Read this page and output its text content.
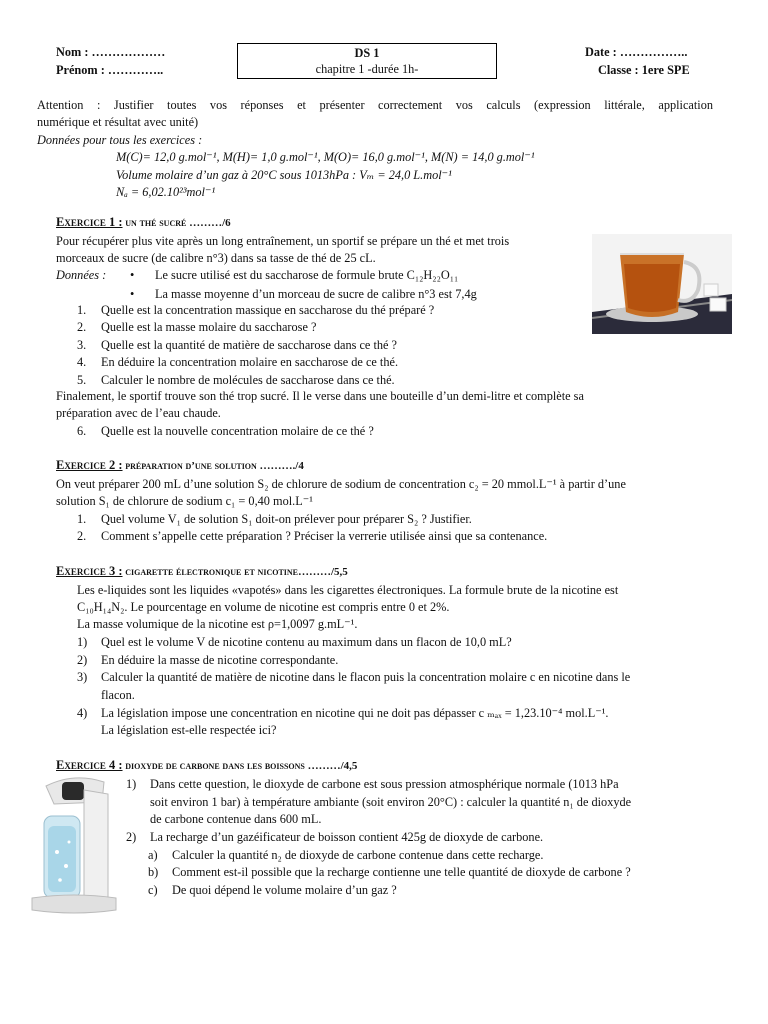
Nom : ………………
Prénom : …………..
DS 1
chapitre 1 -durée 1h-
Date : ……………..
Classe : 1ere SPE
Attention : Justifier toutes vos réponses et présenter correctement vos calculs (expression littérale, application
numérique et résultat avec unité)
Données pour tous les exercices :
M(C)= 12,0 g.mol⁻¹, M(H)= 1,0 g.mol⁻¹, M(O)= 16,0 g.mol⁻¹, M(N) = 14,0 g.mol⁻¹
Volume molaire d’un gaz à 20°C sous 1013hPa : Vₘ = 24,0 L.mol⁻¹
Nₐ = 6,02.10²³mol⁻¹
Exercice 1 : un thé sucré ………/6
Pour récupérer plus vite après un long entraînement, un sportif se prépare un thé et met trois
morceaux de sucre (de calibre n°3) dans sa tasse de thé de 25 cL.
Données : • Le sucre utilisé est du saccharose de formule brute C₁₂H₂₂O₁₁
• La masse moyenne d’un morceau de sucre de calibre n°3 est 7,4g
1. Quelle est la concentration massique en saccharose du thé préparé ?
2. Quelle est la masse molaire du saccharose ?
3. Quelle est la quantité de matière de saccharose dans ce thé ?
4. En déduire la concentration molaire en saccharose de ce thé.
5. Calculer le nombre de molécules de saccharose dans ce thé.
Finalement, le sportif trouve son thé trop sucré. Il le verse dans une bouteille d’un demi-litre et complète sa
préparation avec de l’eau chaude.
6. Quelle est la nouvelle concentration molaire de ce thé ?
Exercice 2 : préparation d’une solution ………./4
On veut préparer 200 mL d’une solution S₂ de chlorure de sodium de concentration c₂ = 20 mmol.L⁻¹ à partir d’une
solution S₁ de chlorure de sodium c₁ = 0,40 mol.L⁻¹
1. Quel volume V₁ de solution S₁ doit-on prélever pour préparer S₂ ? Justifier.
2. Comment s’appelle cette préparation ? Préciser la verrerie utilisée ainsi que sa contenance.
Exercice 3 : cigarette électronique et nicotine………/5,5
Les e-liquides sont les liquides «vapotés» dans les cigarettes électroniques. La formule brute de la nicotine est
C₁₀H₁₄N₂. Le pourcentage en volume de nicotine est compris entre 0 et 2%.
La masse volumique de la nicotine est ρ=1,0097 g.mL⁻¹.
1) Quel est le volume V de nicotine contenu au maximum dans un flacon de 10,0 mL?
2) En déduire la masse de nicotine correspondante.
3) Calculer la quantité de matière de nicotine dans le flacon puis la concentration molaire c en nicotine dans le
flacon.
4) La législation impose une concentration en nicotine qui ne doit pas dépasser c ₘₐₓ = 1,23.10⁻⁴ mol.L⁻¹.
La législation est-elle respectée ici?
Exercice 4 : dioxyde de carbone dans les boissons ………/4,5
1) Dans cette question, le dioxyde de carbone est sous pression atmosphérique normale (1013 hPa
soit environ 1 bar) à température ambiante (soit environ 20°C) : calculer la quantité n₁ de dioxyde
de carbone contenue dans 600 mL.
2) La recharge d’un gazéificateur de boisson contient 425g de dioxyde de carbone.
a) Calculer la quantité n₂ de dioxyde de carbone contenue dans cette recharge.
b) Comment est-il possible que la recharge contienne une telle quantité de dioxyde de carbone ?
c) De quoi dépend le volume molaire d’un gaz ?
